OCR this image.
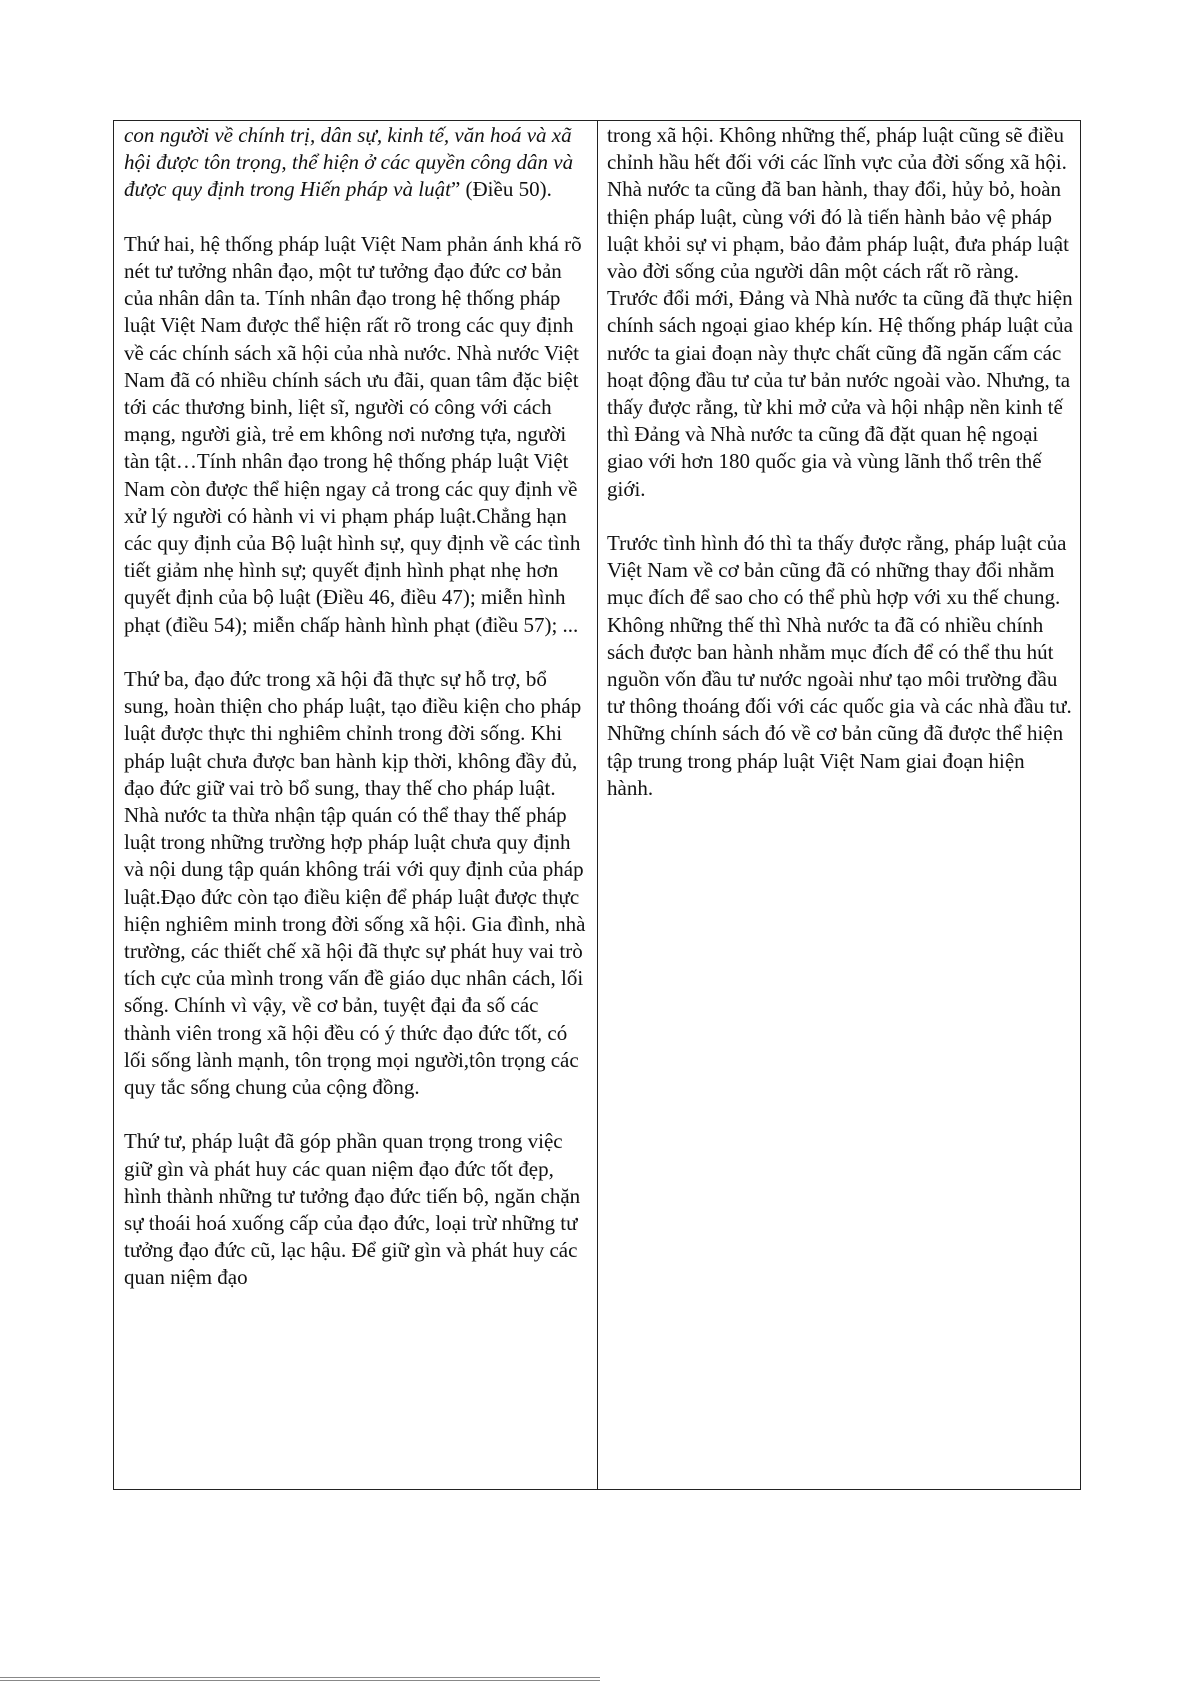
con người về chính trị, dân sự, kinh tế, văn hoá và xã hội được tôn trọng, thể hiện ở các quyền công dân và được quy định trong Hiến pháp và luật” (Điều 50).

Thứ hai, hệ thống pháp luật Việt Nam phản ánh khá rõ nét tư tưởng nhân đạo, một tư tưởng đạo đức cơ bản của nhân dân ta. Tính nhân đạo trong hệ thống pháp luật Việt Nam được thể hiện rất rõ trong các quy định về các chính sách xã hội của nhà nước. Nhà nước Việt Nam đã có nhiều chính sách ưu đãi, quan tâm đặc biệt tới các thương binh, liệt sĩ, người có công với cách mạng, người già, trẻ em không nơi nương tựa, người tàn tật…Tính nhân đạo trong hệ thống pháp luật Việt Nam còn được thể hiện ngay cả trong các quy định về xử lý người có hành vi vi phạm pháp luật.Chẳng hạn các quy định của Bộ luật hình sự, quy định về các tình tiết giảm nhẹ hình sự; quyết định hình phạt nhẹ hơn quyết định của bộ luật (Điều 46, điều 47); miễn hình phạt (điều 54); miễn chấp hành hình phạt (điều 57); ...

Thứ ba, đạo đức trong xã hội đã thực sự hỗ trợ, bổ sung, hoàn thiện cho pháp luật, tạo điều kiện cho pháp luật được thực thi nghiêm chỉnh trong đời sống. Khi pháp luật chưa được ban hành kịp thời, không đầy đủ, đạo đức giữ vai trò bổ sung, thay thế cho pháp luật. Nhà nước ta thừa nhận tập quán có thể thay thế pháp luật trong những trường hợp pháp luật chưa quy định và nội dung tập quán không trái với quy định của pháp luật.Đạo đức còn tạo điều kiện để pháp luật được thực hiện nghiêm minh trong đời sống xã hội. Gia đình, nhà trường, các thiết chế xã hội đã thực sự phát huy vai trò tích cực của mình trong vấn đề giáo dục nhân cách, lối sống. Chính vì vậy, về cơ bản, tuyệt đại đa số các thành viên trong xã hội đều có ý thức đạo đức tốt, có lối sống lành mạnh, tôn trọng mọi người,tôn trọng các quy tắc sống chung của cộng đồng.

Thứ tư, pháp luật đã góp phần quan trọng trong việc giữ gìn và phát huy các quan niệm đạo đức tốt đẹp, hình thành những tư tưởng đạo đức tiến bộ, ngăn chặn sự thoái hoá xuống cấp của đạo đức, loại trừ những tư tưởng đạo đức cũ, lạc hậu. Để giữ gìn và phát huy các quan niệm đạo

trong xã hội. Không những thế, pháp luật cũng sẽ điều chỉnh hầu hết đối với các lĩnh vực của đời sống xã hội.

Nhà nước ta cũng đã ban hành, thay đổi, hủy bỏ, hoàn thiện pháp luật, cùng với đó là tiến hành bảo vệ pháp luật khỏi sự vi phạm, bảo đảm pháp luật, đưa pháp luật vào đời sống của người dân một cách rất rõ ràng. Trước đổi mới, Đảng và Nhà nước ta cũng đã thực hiện chính sách ngoại giao khép kín. Hệ thống pháp luật của nước ta giai đoạn này thực chất cũng đã ngăn cấm các hoạt động đầu tư của tư bản nước ngoài vào. Nhưng, ta thấy được rằng, từ khi mở cửa và hội nhập nền kinh tế thì Đảng và Nhà nước ta cũng đã đặt quan hệ ngoại giao với hơn 180 quốc gia và vùng lãnh thổ trên thế giới.

Trước tình hình đó thì ta thấy được rằng, pháp luật của Việt Nam về cơ bản cũng đã có những thay đổi nhằm mục đích để sao cho có thể phù hợp với xu thế chung. Không những thế thì Nhà nước ta đã có nhiều chính sách được ban hành nhằm mục đích để có thể thu hút nguồn vốn đầu tư nước ngoài như tạo môi trường đầu tư thông thoáng đối với các quốc gia và các nhà đầu tư. Những chính sách đó về cơ bản cũng đã được thể hiện tập trung trong pháp luật Việt Nam giai đoạn hiện hành.
